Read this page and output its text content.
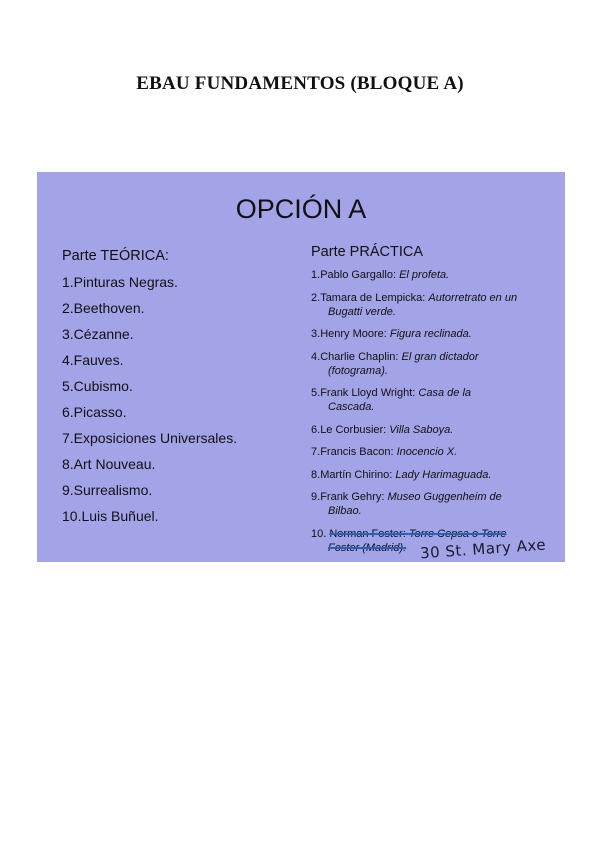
EBAU FUNDAMENTOS (BLOQUE A)
OPCIÓN A
Parte TEÓRICA:
1.Pinturas Negras.
2.Beethoven.
3.Cézanne.
4.Fauves.
5.Cubismo.
6.Picasso.
7.Exposiciones Universales.
8.Art Nouveau.
9.Surrealismo.
10.Luis Buñuel.
Parte PRÁCTICA
1.Pablo Gargallo: El profeta.
2.Tamara de Lempicka: Autorretrato en un
Bugatti verde.
3.Henry Moore: Figura reclinada.
4.Charlie Chaplin: El gran dictador
(fotograma).
5.Frank Lloyd Wright: Casa de la
Cascada.
6.Le Corbusier: Villa Saboya.
7.Francis Bacon: Inocencio X.
8.Martín Chirino: Lady Harimaguada.
9.Frank Gehry: Museo Guggenheim de
Bilbao.
10. Norman Foster: Torre Cepsa o Torre
Foster (Madrid). 30 St. Mary Axe
